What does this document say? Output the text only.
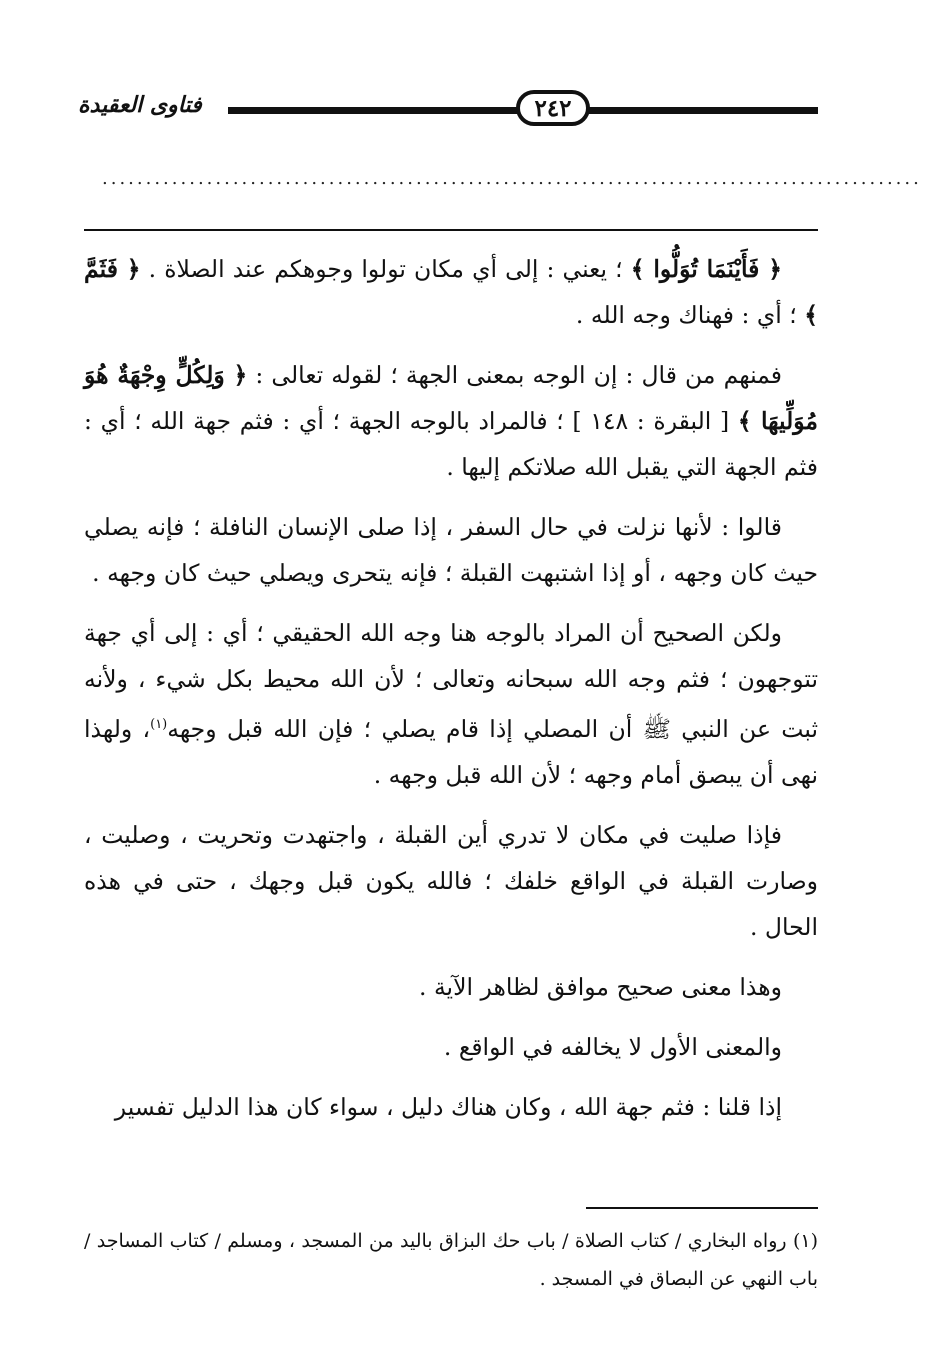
٢٤٢
فتاوى العقيدة
..............................................................................................

﴿ فَأَيْنَمَا تُوَلُّوا ﴾ ؛ يعني : إلى أي مكان تولوا وجوهكم عند الصلاة . ﴿ فَثَمَّ ﴾ ؛ أي : فهناك وجه الله .

فمنهم من قال : إن الوجه بمعنى الجهة ؛ لقوله تعالى : ﴿ وَلِكُلٍّ وِجْهَةٌ هُوَ مُوَلِّيهَا ﴾ [ البقرة : ١٤٨ ] ؛ فالمراد بالوجه الجهة ؛ أي : فثم جهة الله ؛ أي : فثم الجهة التي يقبل الله صلاتكم إليها .

قالوا : لأنها نزلت في حال السفر ، إذا صلى الإنسان النافلة ؛ فإنه يصلي حيث كان وجهه ، أو إذا اشتبهت القبلة ؛ فإنه يتحرى ويصلي حيث كان وجهه .

ولكن الصحيح أن المراد بالوجه هنا وجه الله الحقيقي ؛ أي : إلى أي جهة تتوجهون ؛ فثم وجه الله سبحانه وتعالى ؛ لأن الله محيط بكل شيء ، ولأنه ثبت عن النبي ﷺ أن المصلي إذا قام يصلي ؛ فإن الله قبل وجهه$^{(١)}$، ولهذا نهى أن يبصق أمام وجهه ؛ لأن الله قبل وجهه .

فإذا صليت في مكان لا تدري أين القبلة ، واجتهدت وتحريت ، وصليت ، وصارت القبلة في الواقع خلفك ؛ فالله يكون قبل وجهك ، حتى في هذه الحال .

وهذا معنى صحيح موافق لظاهر الآية .

والمعنى الأول لا يخالفه في الواقع .

إذا قلنا : فثم جهة الله ، وكان هناك دليل ، سواء كان هذا الدليل تفسير

(١) رواه البخاري / كتاب الصلاة / باب حك البزاق باليد من المسجد ، ومسلم / كتاب المساجد / باب النهي عن البصاق في المسجد .
